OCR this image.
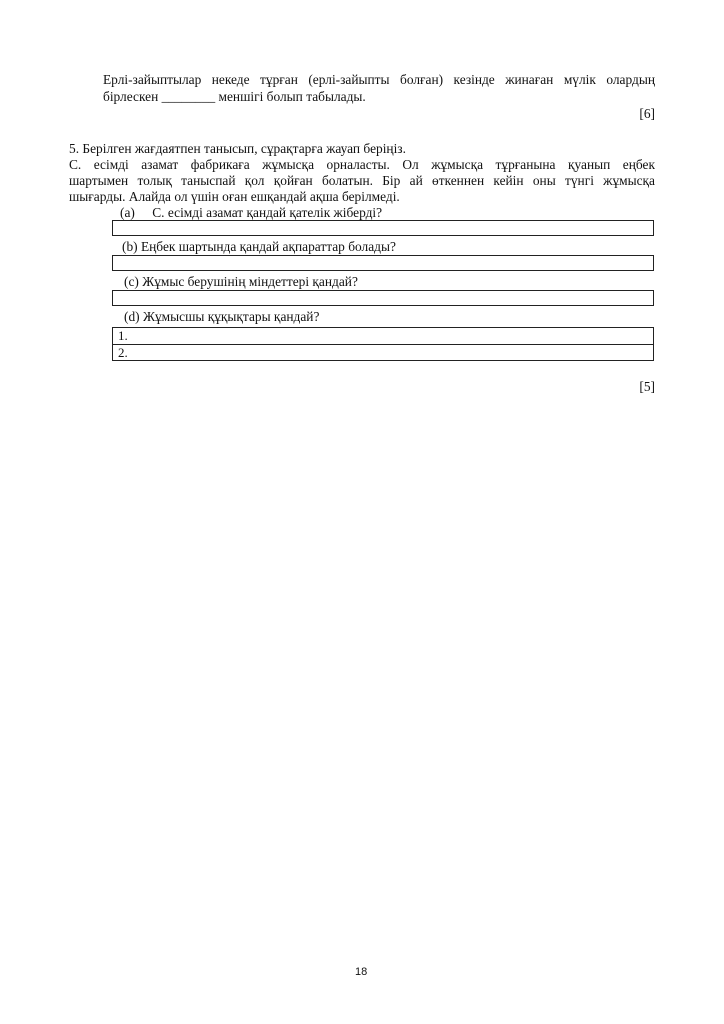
Ерлі-зайыптылар некеде тұрған (ерлі-зайыпты болған) кезінде жинаған мүлік олардың
бірлескен ________ меншігі болып табылады.
[6]
5. Берілген жағдаятпен танысып, сұрақтарға жауап беріңіз.
С. есімді азамат фабрикаға жұмысқа орналасты. Ол жұмысқа тұрғанына қуанып еңбек
шартымен толық таныспай қол қойған болатын. Бір ай өткеннен кейін оны түнгі жұмысқа
шығарды. Алайда ол үшін оған ешқандай ақша берілмеді.
(a) С. есімді азамат қандай қателік жіберді?
(b) Еңбек шартында қандай ақпараттар болады?
(c) Жұмыс берушінің міндеттері қандай?
(d) Жұмысшы құқықтары қандай?
1.
2.
[5]
18
